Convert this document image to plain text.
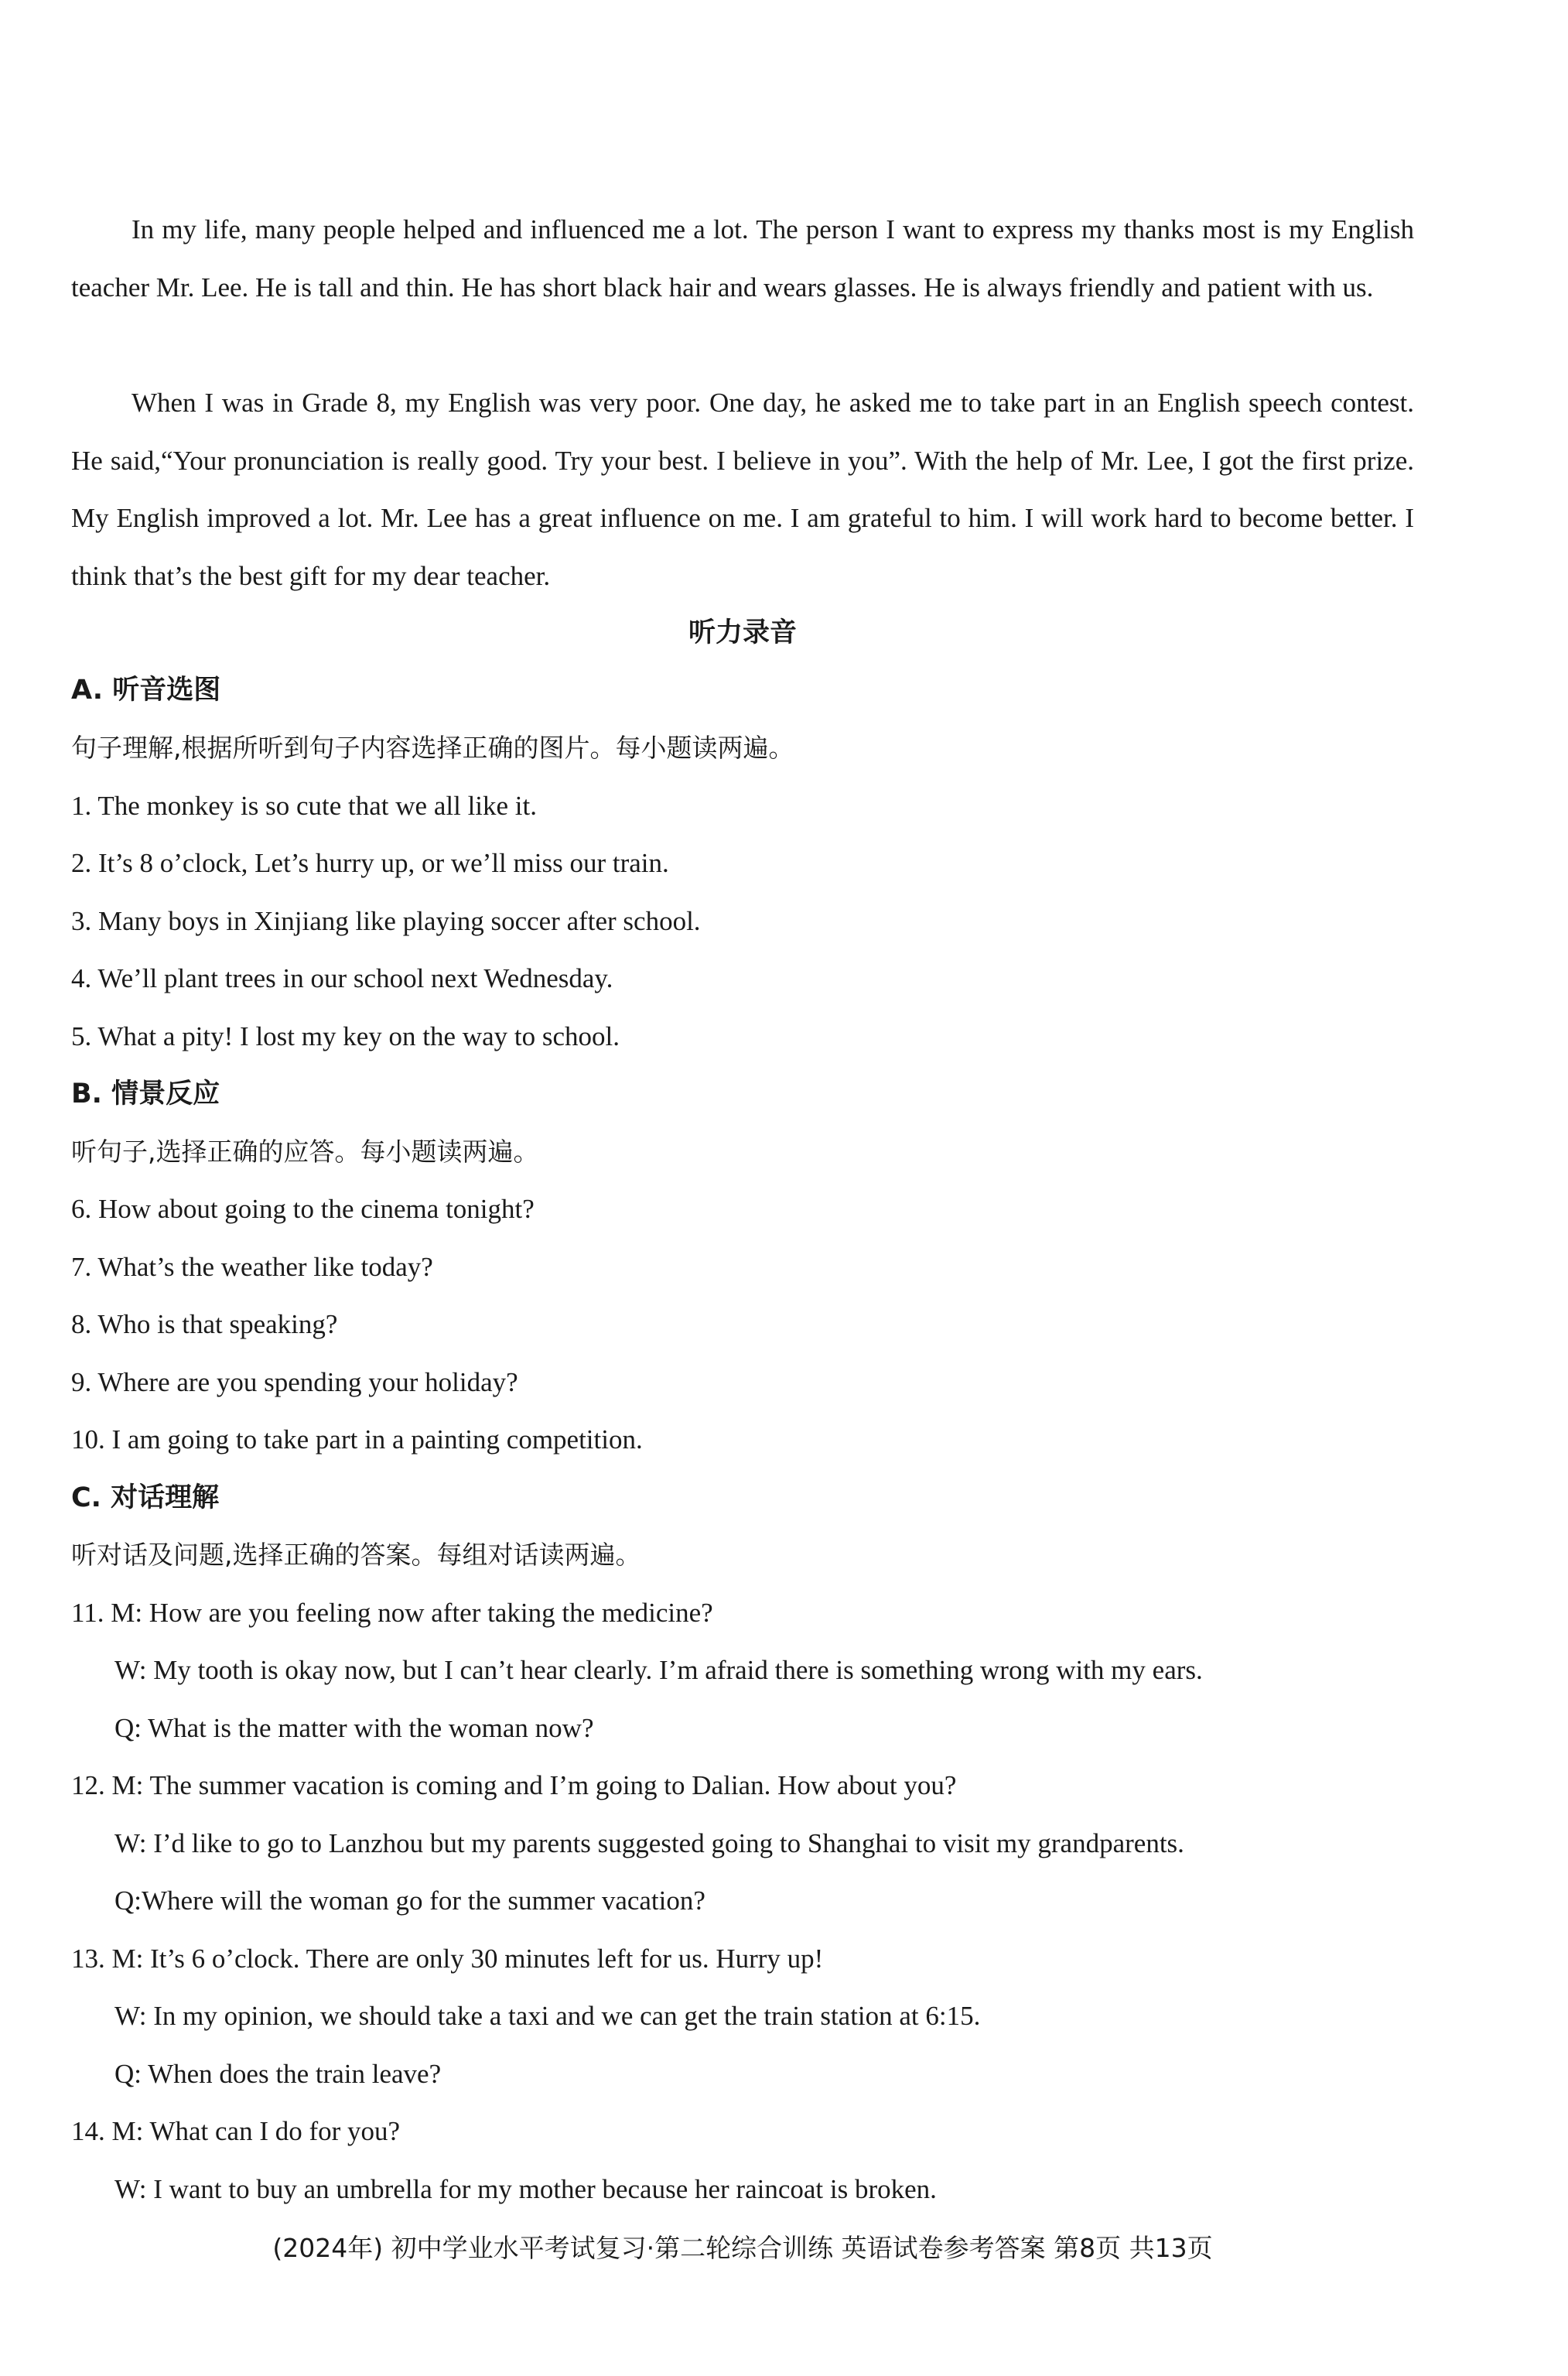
In my life, many people helped and influenced me a lot. The person I want to express my thanks most is my English teacher Mr. Lee. He is tall and thin. He has short black hair and wears glasses. He is always friendly and patient with us.

When I was in Grade 8, my English was very poor. One day, he asked me to take part in an English speech contest. He said,“Your pronunciation is really good. Try your best. I believe in you”. With the help of Mr. Lee, I got the first prize. My English improved a lot. Mr. Lee has a great influence on me. I am grateful to him. I will work hard to become better. I think that’s the best gift for my dear teacher.

听力录音

A. 听音选图

句子理解,根据所听到句子内容选择正确的图片。每小题读两遍。

1. The monkey is so cute that we all like it.

2. It’s 8 o’clock, Let’s hurry up, or we’ll miss our train.

3. Many boys in Xinjiang like playing soccer after school.

4. We’ll plant trees in our school next Wednesday.

5. What a pity! I lost my key on the way to school.

B. 情景反应

听句子,选择正确的应答。每小题读两遍。

6. How about going to the cinema tonight?

7. What’s the weather like today?

8. Who is that speaking?

9. Where are you spending your holiday?

10. I am going to take part in a painting competition.

C. 对话理解

听对话及问题,选择正确的答案。每组对话读两遍。

11. M: How are you feeling now after taking the medicine?

W: My tooth is okay now, but I can’t hear clearly. I’m afraid there is something wrong with my ears.

Q: What is the matter with the woman now?

12. M: The summer vacation is coming and I’m going to Dalian. How about you?

W: I’d like to go to Lanzhou but my parents suggested going to Shanghai to visit my grandparents.

Q:Where will the woman go for the summer vacation?

13. M: It’s 6 o’clock. There are only 30 minutes left for us. Hurry up!

W: In my opinion, we should take a taxi and we can get the train station at 6:15.

Q: When does the train leave?

14. M: What can I do for you?

W: I want to buy an umbrella for my mother because her raincoat is broken.

(2024年) 初中学业水平考试复习·第二轮综合训练 英语试卷参考答案 第8页 共13页
